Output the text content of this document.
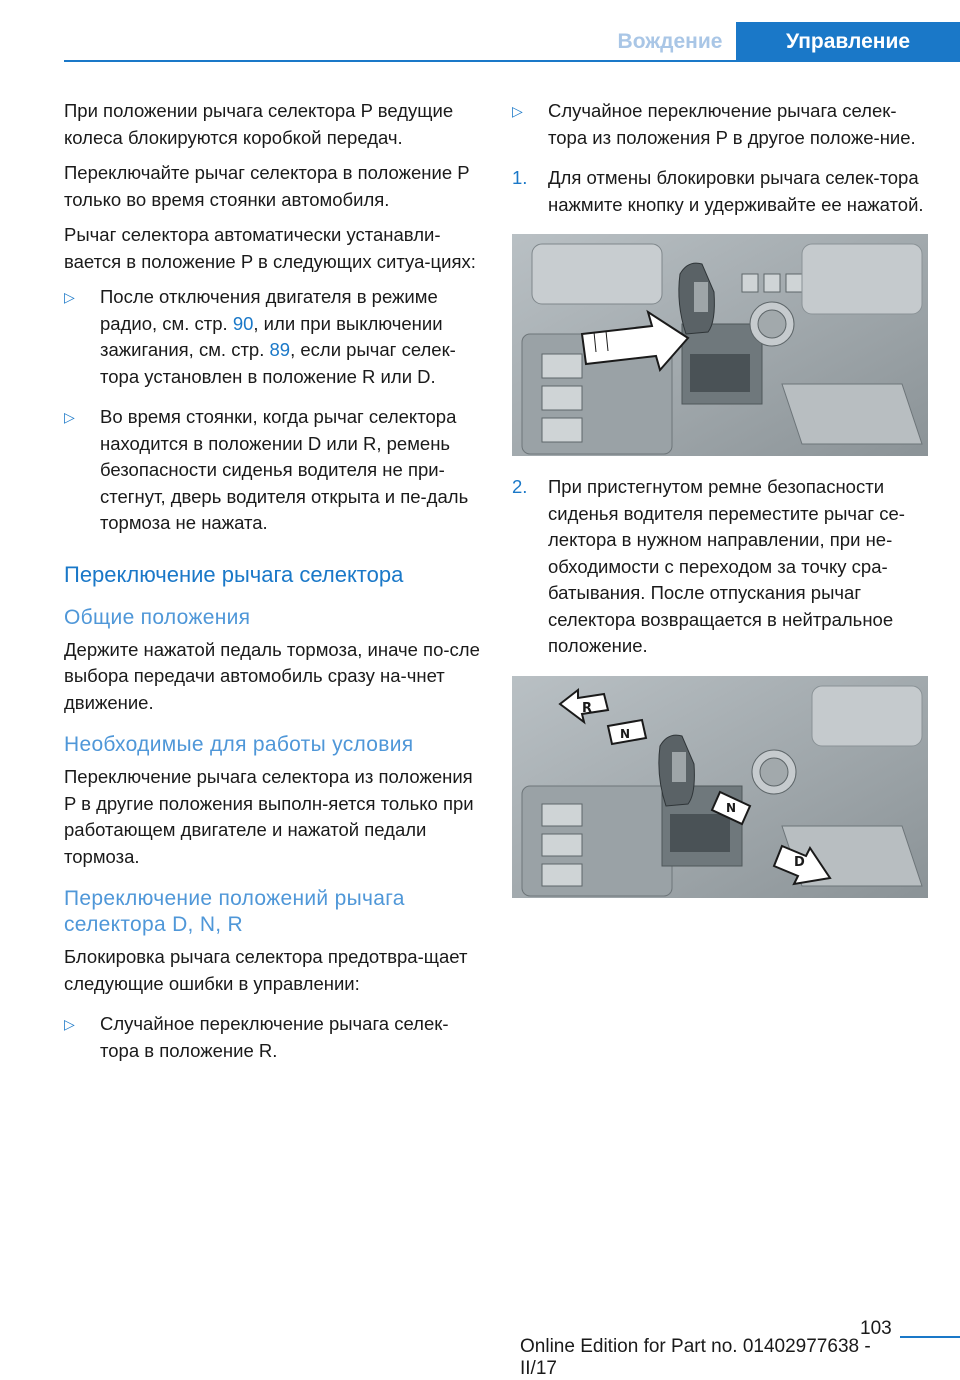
Вождение	Управление

При положении рычага селектора P ведущие колеса блокируются коробкой передач.

Переключайте рычаг селектора в положение P только во время стоянки автомобиля.

Рычаг селектора автоматически устанавли-вается в положение P в следующих ситуа-циях:

▷	После отключения двигателя в режиме радио, см. стр. 90, или при выключении зажигания, см. стр. 89, если рычаг селек-тора установлен в положение R или D.
▷	Во время стоянки, когда рычаг селектора находится в положении D или R, ремень безопасности сиденья водителя не при-стегнут, дверь водителя открыта и пе-даль тормоза не нажата.
Переключение рычага селектора
Общие положения

Держите нажатой педаль тормоза, иначе по-сле выбора передачи автомобиль сразу на-чнет движение.

Необходимые для работы условия

Переключение рычага селектора из положения P в другие положения выполн-яется только при работающем двигателе и нажатой педали тормоза.

Переключение положений рычага селектора D, N, R

Блокировка рычага селектора предотвра-щает следующие ошибки в управлении:

▷	Случайное переключение рычага селек-тора в положение R.
▷	Случайное переключение рычага селек-тора из положения P в другое положе-ние.
1.	Для отмены блокировки рычага селек-тора нажмите кнопку и удерживайте ее нажатой.
2.	При пристегнутом ремне безопасности сиденья водителя переместите рычаг се-лектора в нужном направлении, при не-обходимости с переходом за точку сра-батывания. После отпускания рычаг селектора возвращается в нейтральное положение.
R
N
N
D
103
Online Edition for Part no. 01402977638 - II/17
